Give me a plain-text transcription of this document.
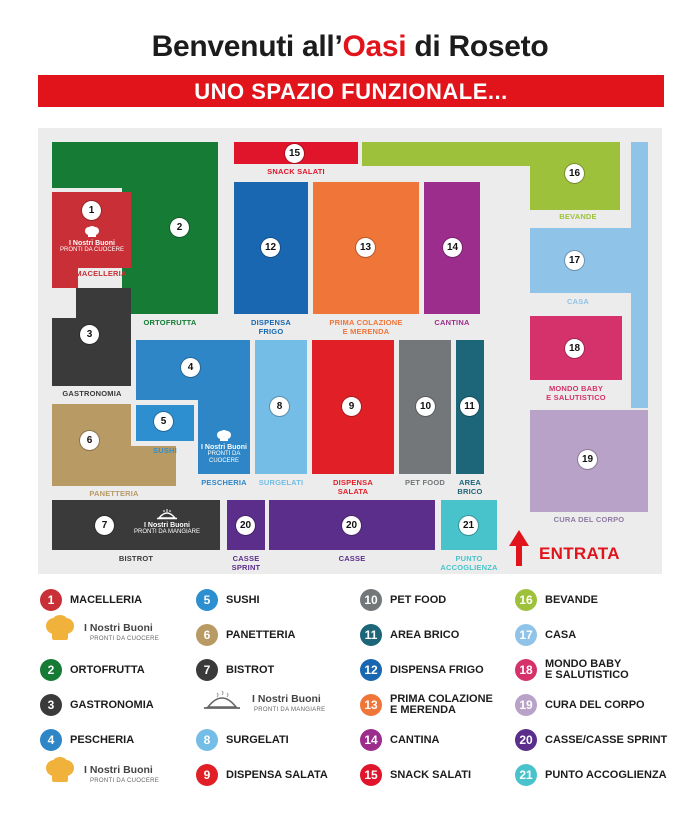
Benvenuti all’Oasi di Roseto
UNO SPAZIO FUNZIONALE...
1
2
3
4
5
6
7
8	9	10	11
12	13	14
15
16
17
18
19
20	20	21
MACELLERIA
ORTOFRUTTA
GASTRONOMIA
PESCHERIA
SUSHI
PANETTERIA
BISTROT
SURGELATI	DISPENSA
SALATA
PET FOOD	AREA
BRICO
DISPENSA
FRIGO
PRIMA COLAZIONE
E MERENDA
CANTINA
SNACK SALATI
BEVANDE
CASA
MONDO BABY
E SALUTISTICO
CURA DEL CORPO
CASSE
SPRINT
CASSE	PUNTO
ACCOGLIENZA
I Nostri Buoni
PRONTI DA CUOCERE
I Nostri Buoni
PRONTI DA CUOCERE
I Nostri Buoni
PRONTI DA MANGIARE
ENTRATA
1	MACELLERIA
I Nostri Buoni
PRONTI DA CUOCERE
2	ORTOFRUTTA
3	GASTRONOMIA
4	PESCHERIA
I Nostri Buoni
PRONTI DA CUOCERE
5	SUSHI
6	PANETTERIA
7	BISTROT
I Nostri Buoni
PRONTI DA MANGIARE
8	SURGELATI
9	DISPENSA SALATA
10	PET FOOD
11	AREA BRICO
12	DISPENSA FRIGO
13	PRIMA COLAZIONE
E MERENDA
14	CANTINA
15	SNACK SALATI
16	BEVANDE
17	CASA
18	MONDO BABY
E SALUTISTICO
19	CURA DEL CORPO
20	CASSE/CASSE SPRINT
21	PUNTO ACCOGLIENZA
